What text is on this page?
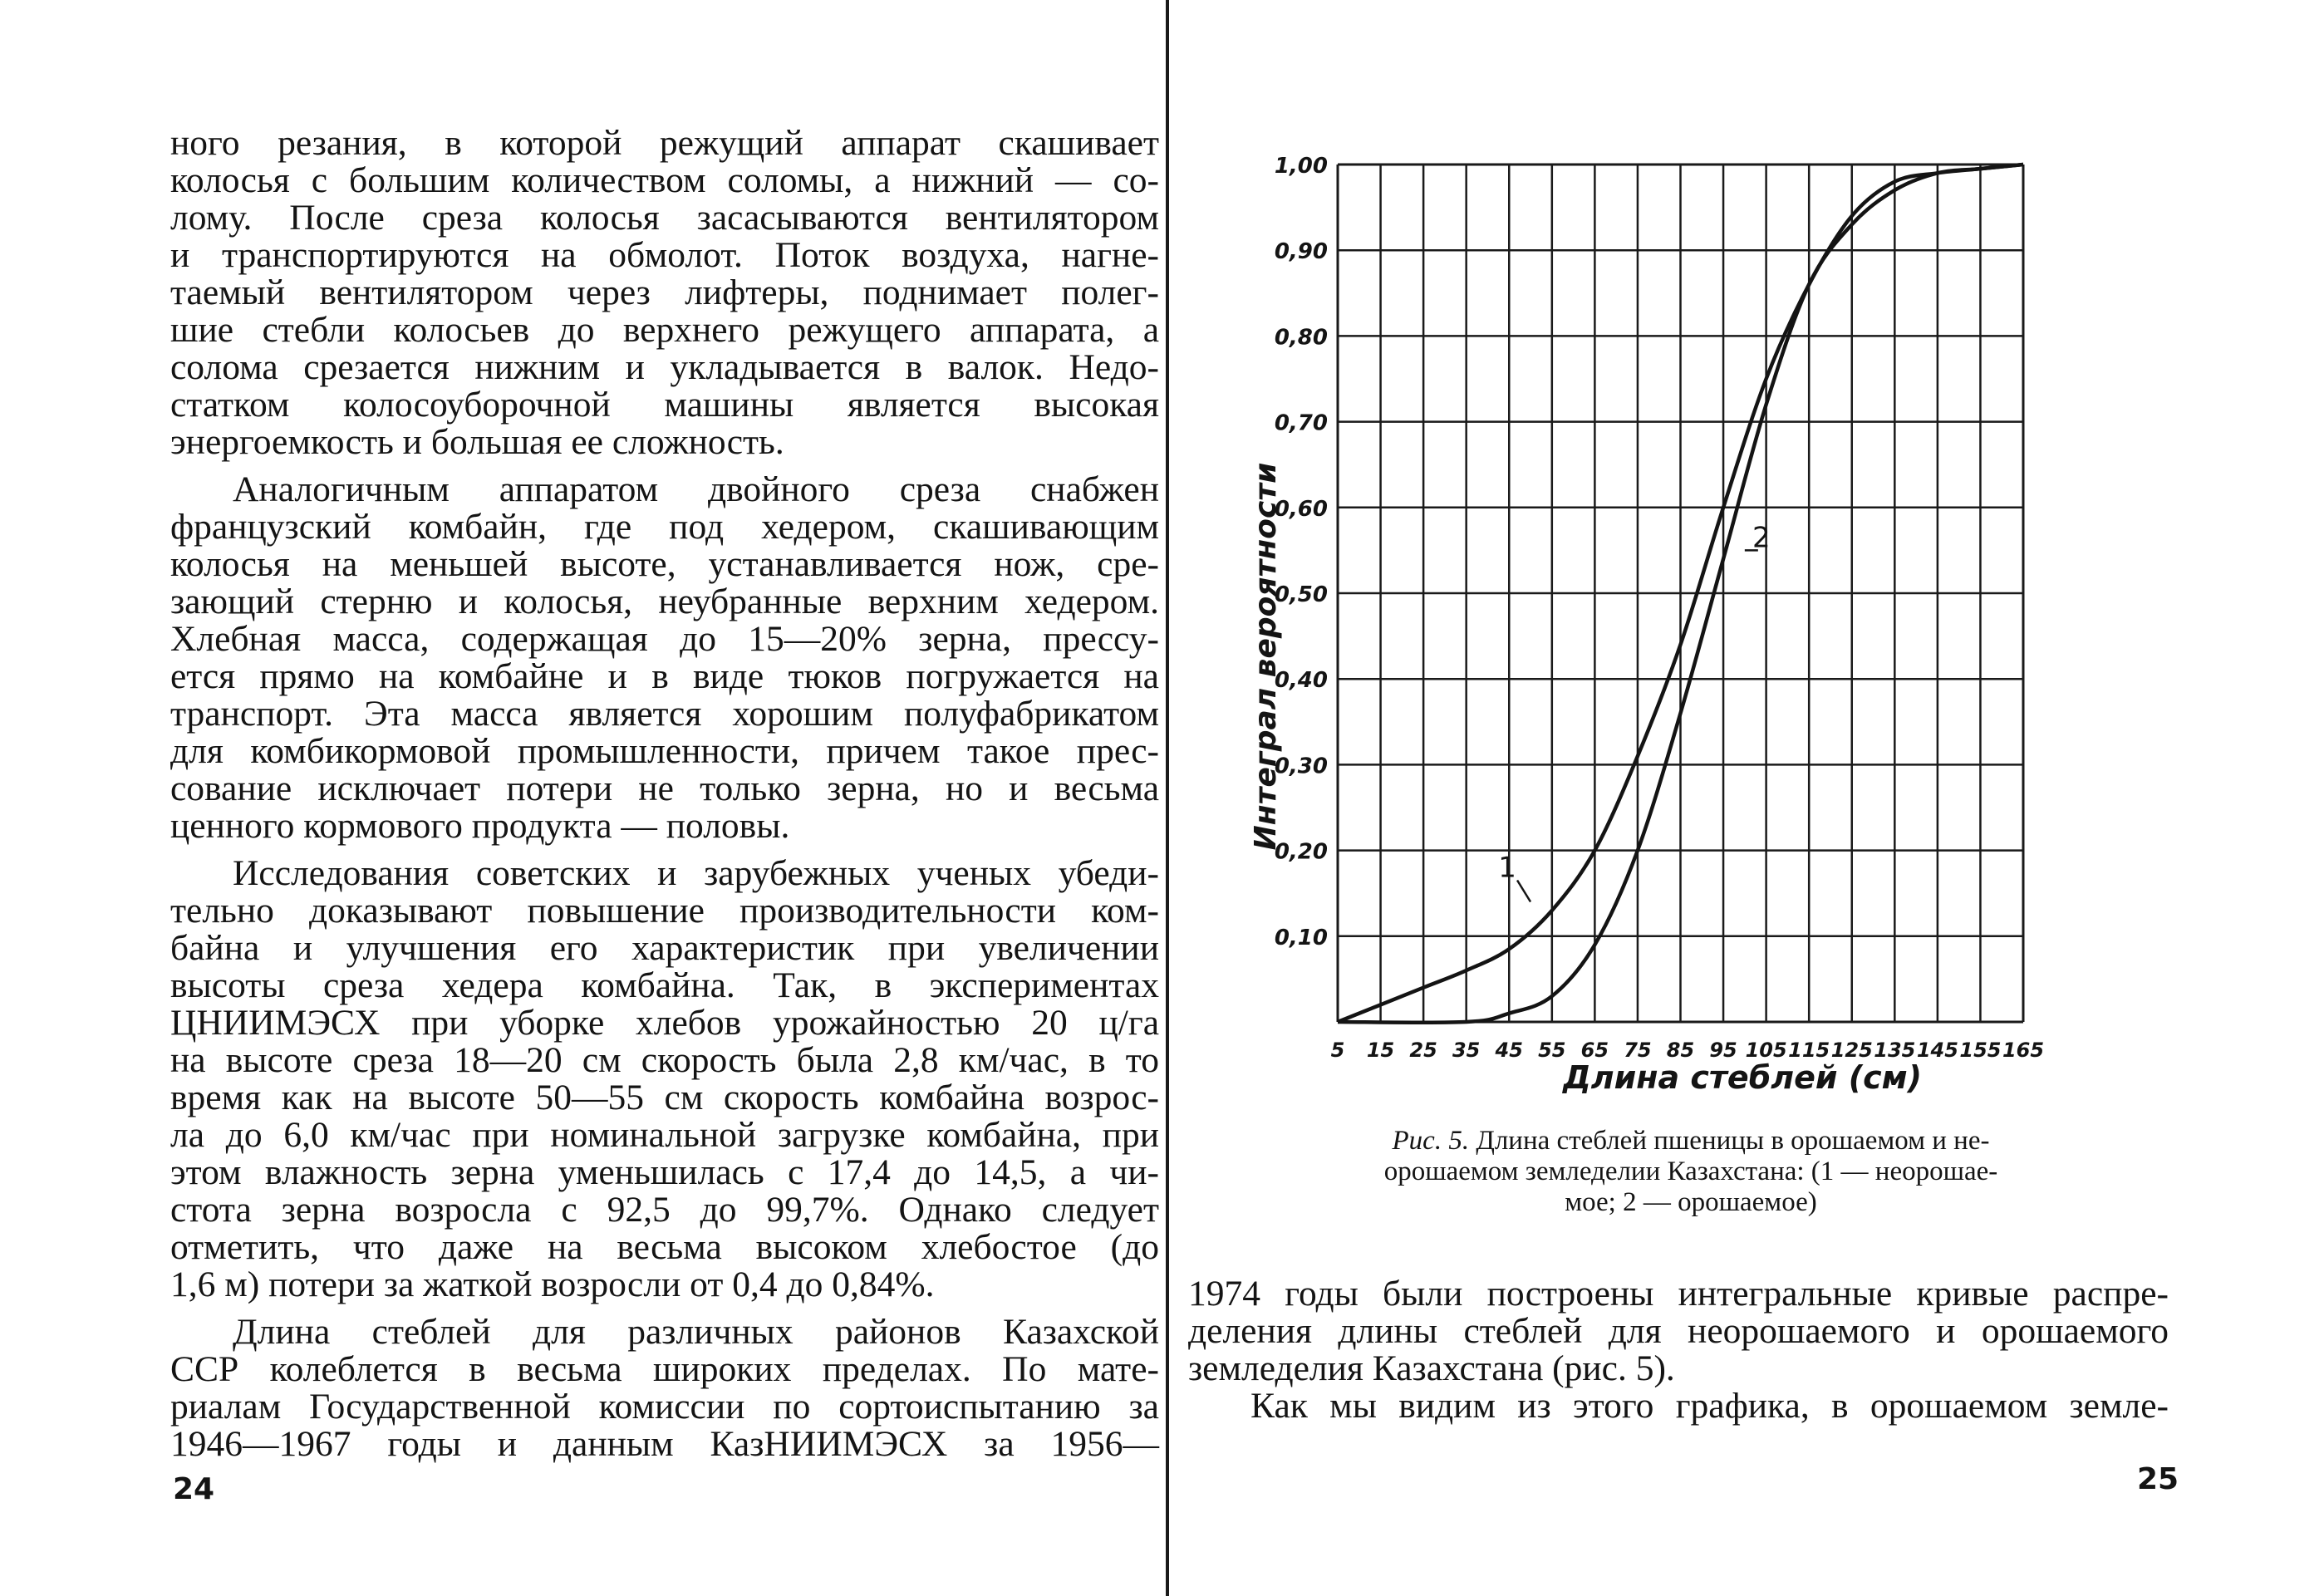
ного резания, в которой режущий аппарат скашивает
колосья с большим количеством соломы, а нижний — со-
лому. После среза колосья засасываются вентилятором
и транспортируются на обмолот. Поток воздуха, нагне-
таемый вентилятором через лифтеры, поднимает полег-
шие стебли колосьев до верхнего режущего аппарата, а
солома срезается нижним и укладывается в валок. Недо-
статком колосоуборочной машины является высокая
энергоемкость и большая ее сложность.
Аналогичным аппаратом двойного среза снабжен
французский комбайн, где под хедером, скашивающим
колосья на меньшей высоте, устанавливается нож, сре-
зающий стерню и колосья, неубранные верхним хедером.
Хлебная масса, содержащая до 15—20% зерна, прессу-
ется прямо на комбайне и в виде тюков погружается на
транспорт. Эта масса является хорошим полуфабрикатом
для комбикормовой промышленности, причем такое прес-
сование исключает потери не только зерна, но и весьма
ценного кормового продукта — половы.
Исследования советских и зарубежных ученых убеди-
тельно доказывают повышение производительности ком-
байна и улучшения его характеристик при увеличении
высоты среза хедера комбайна. Так, в экспериментах
ЦНИИМЭСХ при уборке хлебов урожайностью 20 ц/га
на высоте среза 18—20 см скорость была 2,8 км/час, в то
время как на высоте 50—55 см скорость комбайна возрос-
ла до 6,0 км/час при номинальной загрузке комбайна, при
этом влажность зерна уменьшилась с 17,4 до 14,5, а чи-
стота зерна возросла с 92,5 до 99,7%. Однако следует
отметить, что даже на весьма высоком хлебостое (до
1,6 м) потери за жаткой возросли от 0,4 до 0,84%.
Длина стеблей для различных районов Казахской
ССР колеблется в весьма широких пределах. По мате-
риалам Государственной комиссии по сортоиспытанию за
1946—1967 годы и данным КазНИИМЭСХ за 1956—
24
0,10
0,20
0,30
0,40
0,50
0,60
0,70
0,80
0,90
1,00
5 15 25 35 45 55 65 75 85 95 105 115 125 135 145 155 165
1
2
Интеграл вероятности
Длина стеблей (см)
Рис. 5. Длина стеблей пшеницы в орошаемом и не-
орошаемом земледелии Казахстана: (1 — неорошае-
мое; 2 — орошаемое)
1974 годы были построены интегральные кривые распре-
деления длины стеблей для неорошаемого и орошаемого
земледелия Казахстана (рис. 5).
Как мы видим из этого графика, в орошаемом земле-
25
